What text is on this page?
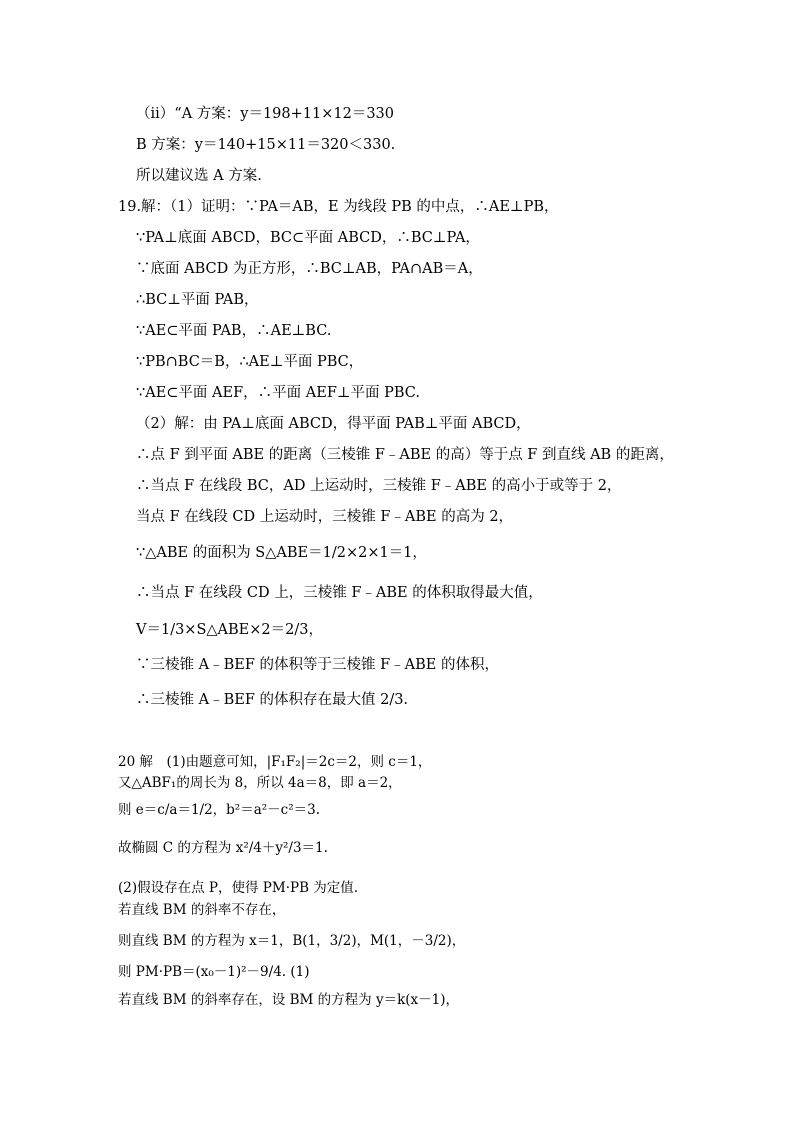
（ii）“A 方案：y＝198+11×12＝330
B 方案：y＝140+15×11＝320＜330.
所以建议选 A 方案.
19.解：（1）证明：∵PA＝AB，E 为线段 PB 的中点，∴AE⊥PB，
∵PA⊥底面 ABCD，BC⊂平面 ABCD，∴BC⊥PA，
∵底面 ABCD 为正方形，∴BC⊥AB，PA∩AB＝A，
∴BC⊥平面 PAB，
∵AE⊂平面 PAB，∴AE⊥BC.
∵PB∩BC＝B，∴AE⊥平面 PBC，
∵AE⊂平面 AEF，∴平面 AEF⊥平面 PBC.
（2）解：由 PA⊥底面 ABCD，得平面 PAB⊥平面 ABCD，
∴点 F 到平面 ABE 的距离（三棱锥 F﹣ABE 的高）等于点 F 到直线 AB 的距离，
∴当点 F 在线段 BC，AD 上运动时，三棱锥 F﹣ABE 的高小于或等于 2，
当点 F 在线段 CD 上运动时，三棱锥 F﹣ABE 的高为 2，
∵△ABE 的面积为 S△ABE＝1/2×2×1＝1，
∴当点 F 在线段 CD 上，三棱锥 F﹣ABE 的体积取得最大值，
V＝1/3×S△ABE×2＝2/3，
∵三棱锥 A﹣BEF 的体积等于三棱锥 F﹣ABE 的体积，
∴三棱锥 A﹣BEF 的体积存在最大值 2/3.
20 解　(1)由题意可知，|F₁F₂|＝2c＝2，则 c＝1，
又△ABF₁的周长为 8，所以 4a＝8，即 a＝2，
则 e＝c/a＝1/2，b²＝a²－c²＝3.
故椭圆 C 的方程为 x²/4＋y²/3＝1.
(2)假设存在点 P，使得 PM·PB 为定值.
若直线 BM 的斜率不存在，
则直线 BM 的方程为 x＝1，B(1，3/2)，M(1，－3/2)，
则 PM·PB＝(x₀－1)²－9/4. (1)
若直线 BM 的斜率存在，设 BM 的方程为 y＝k(x－1)，
